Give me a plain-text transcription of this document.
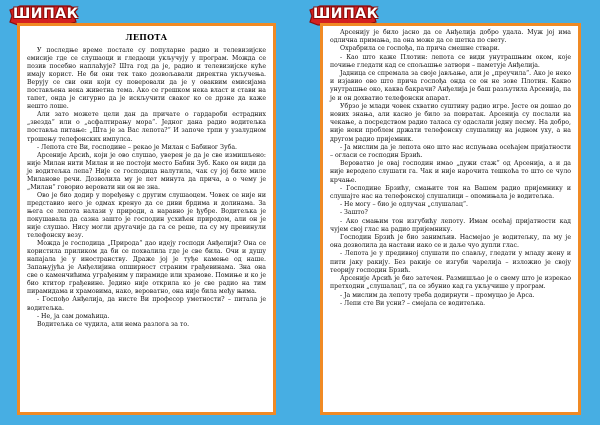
ШИПАК
ЛЕПОТА

У последње време постале су популарне радио и телевизијске емисије где се слушаоци и гледаоци укључују у програм. Можда се позив посебно наплаћује? Шта год да је, радио и телевизијске куће имају корист. Не би они тек тако дозвољавали директна укључења. Верују се сви они који су поверовали да је у оваквим емисијама постављена нека живетна тема. Ако се грешком нека власт и стави на тапет, онда је сигурно да је искључити сваког ко се дрзне да каже нешто лоше.

Али зато можете цели дан да причате о гардароби естрадних „звезда“ или о „асфалтирању мора“. Једног дана радио водитељка поставља питање: „Шта је за Вас лепота?“ И започе трпи у узалудном трошењу телефонских импулса.

- Лепота сте Ви, господине – рекао је Милан с Бабиног Зуба.

Арсеније Арсић, који је ово слушао, уверен је да је све измишљено: није Милан нити Милан и не постоји место Бабин Зуб. Како он види да је водитељка лепа? Није се господица налутила, чак су јој биле миле Миланове речи. Дозволила му је пет минута да прича, а о чему је „Милан“ говорио веровати ни он не зна.

Ово је био додир у поређењу с другим слушаоцем. Човек се није ни представио него је одмах кренуо да се диви брдима и долинама. За њега се лепота налази у природи, а наравно је ђубре. Водитељка је покушавала да сазна зашто је господин усхићен природом, али он је није слушао. Нису могли другачије да га се реше, па су му превинули телефонску везу.

Можда је господица „Природа“ дао идеју господи Анђелији? Она се користила приликом да би се похвалила где је све била. Очи и душу напајала је у иностранству. Драже јој је туђе камење од наше. Запањујућа је Анђелијина опширност страним грађевинама. Зна она све о каменчићима уграђеним у пирамиде или храмове. Помиње и ко је био ктитор грађевине. Једино није открила ко је све радио на тим пирамидама и храмовима, нако, вероватно, она није била међу њима.

- Госпођо Анђелија, да нисте Ви професор уметности? – питала је водитељка.

- Не, ја сам домаћица.

Водитељка се чудила, али нема разлога за то.

ШИПАК

Арсенију је било јасно да се Анђелија добро удала. Муж јој има одлична примања, па она може да се шетка по свету.

Охрабрила се госпођа, па прича смешне ствари.

- Као што каже Плотин: лепота се види унутрашњим оком, које почиње гледати кад се спољашње затвори – паметује Анђелија.

Јадница се спремала за своје јављање, али је „преучила“. Ако је неко и изјавио ово што прича госпођа онда се он не зове Плотин. Какво унутрашње око, каква бакрачи? Анђелија је баш разљутила Арсенија, па је и он дохватио телефонски апарат.

Убрзо је млади човек схватио суштину радио игре. Јесте он дошао до нових знања, али касно је било за повратак. Арсенија су послали на чекање, а посредством радио таласа су одаслали једну песму. На добро, није неки проблем држати телефонску слушалицу на једном уху, а на другом радио пријемник.

- Ја мислим да је лепота оно што нас испуњава осећајем пријатности – огласи се господин Брзић.

Вероватно је овај господин имао „дужи стаж“ од Арсенија, а и да није веродело слушати га. Чак и није нарочита тешкоћа то што се чуло крчање.

- Господине Брзићу, смањите тон на Вашем радио пријемнику и слушајте нас на телефонској слушалици – опомињала је водитељка.

- Не могу – био је одлучан „слушалац“.

- Зашто?

- Ако смањим тон изгубићу лепоту. Имам осећај пријатности кад чујем свој глас на радио пријемнику.

Господин Брзић је био занимљив. Насмејао је водитељку, па му је она дозволила да настави иако се и даље чуо дупли глас.

- Лепота је у предивној слушати по слављу, гледати у младу жену и пити јаку ракију. Без ракије се изгуби чарелија – изложио је своју теорију господин Брзић.

Арсеније Арсић је био затечен. Размишљао је о свему што је изрекао претходни „слушалац“, па се збунио кад га укључише у програм.

- Ја мислим да лепоту треба додирнути – промуцао је Арса.

- Лепи сте Ви усни? – смејала се водитељка.
